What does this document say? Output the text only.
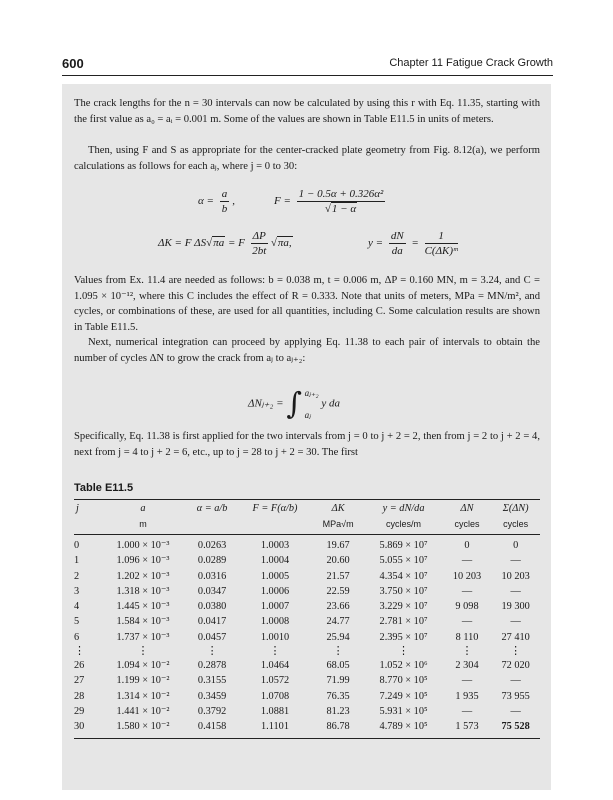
600	Chapter 11 Fatigue Crack Growth
The crack lengths for the n = 30 intervals can now be calculated by using this r with Eq. 11.35, starting with the first value as a₀ = aᵢ = 0.001 m. Some of the values are shown in Table E11.5 in units of meters.
Then, using F and S as appropriate for the center-cracked plate geometry from Fig. 8.12(a), we perform calculations as follows for each aⱼ, where j = 0 to 30:
$\alpha = \frac{a}{b}$ ,	$F = \frac{\text{1 − 0.5α + 0.326α²}}{√1 - \alpha}$
ΔK = F ΔS√πa = F $\frac{\Delta P}{2bt} √\pi a$,	$y = \frac{dN}{da} = \frac{1}{\text{C(ΔK)ᵐ}}$
Values from Ex. 11.4 are needed as follows: b = 0.038 m, t = 0.006 m, ΔP = 0.160 MN, m = 3.24, and C = 1.095 × 10⁻¹², where this C includes the effect of R = 0.333. Note that units of meters, MPa = MN/m², and cycles, or combinations of these, are used for all quantities, including C. Some calculation results are shown in Table E11.5.
Next, numerical integration can proceed by applying Eq. 11.38 to each pair of intervals to obtain the number of cycles ΔN to grow the crack from aⱼ to aⱼ₊₂:
ΔNⱼ₊₂ = ∫ aⱼ₊₂
aⱼ
y da
Specifically, Eq. 11.38 is first applied for the two intervals from j = 0 to j + 2 = 2, then from j = 2 to j + 2 = 4, next from j = 4 to j + 2 = 6, etc., up to j = 28 to j + 2 = 30. The first
Table E11.5
j	a	α = a/b	F = F(α/b)	ΔK	y = dN/da	ΔN	Σ(ΔN)
	m			MPa√m	cycles/m	cycles	cycles
0	1.000 × 10⁻³	0.0263	1.0003	19.67	5.869 × 10⁷	0	0
1	1.096 × 10⁻³	0.0289	1.0004	20.60	5.055 × 10⁷	—	—
2	1.202 × 10⁻³	0.0316	1.0005	21.57	4.354 × 10⁷	10 203	10 203
3	1.318 × 10⁻³	0.0347	1.0006	22.59	3.750 × 10⁷	—	—
4	1.445 × 10⁻³	0.0380	1.0007	23.66	3.229 × 10⁷	9 098	19 300
5	1.584 × 10⁻³	0.0417	1.0008	24.77	2.781 × 10⁷	—	—
6	1.737 × 10⁻³	0.0457	1.0010	25.94	2.395 × 10⁷	8 110	27 410
⋮	⋮	⋮	⋮	⋮	⋮	⋮	⋮
26	1.094 × 10⁻²	0.2878	1.0464	68.05	1.052 × 10⁶	2 304	72 020
27	1.199 × 10⁻²	0.3155	1.0572	71.99	8.770 × 10⁵	—	—
28	1.314 × 10⁻²	0.3459	1.0708	76.35	7.249 × 10⁵	1 935	73 955
29	1.441 × 10⁻²	0.3792	1.0881	81.23	5.931 × 10⁵	—	—
30	1.580 × 10⁻²	0.4158	1.1101	86.78	4.789 × 10⁵	1 573	75 528
